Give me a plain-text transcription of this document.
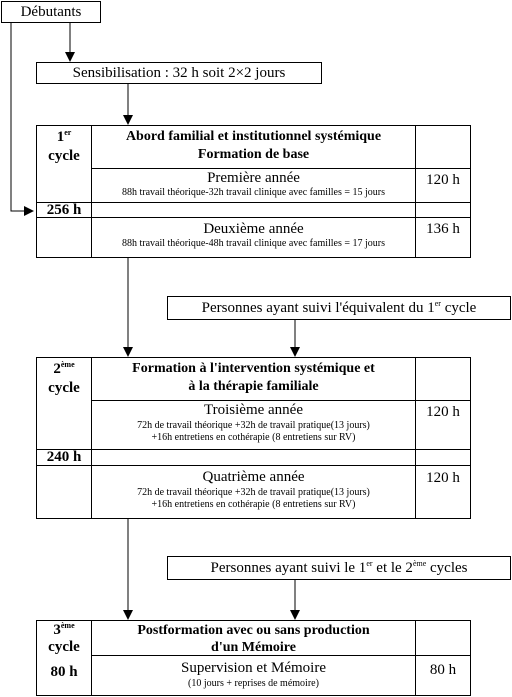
Débutants
Sensibilisation : 32 h soit 2×2 jours
1er
cycle
Abord familial et institutionnel systémique
Formation de base
256 h
Première année
88h travail théorique-32h travail clinique avec familles = 15 jours
120 h
Deuxième année
88h travail théorique-48h travail clinique avec familles = 17 jours
136 h
Personnes ayant suivi l'équivalent du 1er cycle
2ème
cycle
Formation à l'intervention systémique et
à la thérapie familiale
240 h
Troisième année
72h de travail théorique +32h de travail pratique(13 jours)
+16h entretiens en cothérapie (8 entretiens sur RV)
120 h
Quatrième année
72h de travail théorique +32h de travail pratique(13 jours)
+16h entretiens en cothérapie (8 entretiens sur RV)
120 h
Personnes ayant suivi le 1er et le 2ème cycles
3ème
cycle
Postformation avec ou sans production
d'un Mémoire
80 h	Supervision et Mémoire
(10 jours + reprises de mémoire)
80 h
